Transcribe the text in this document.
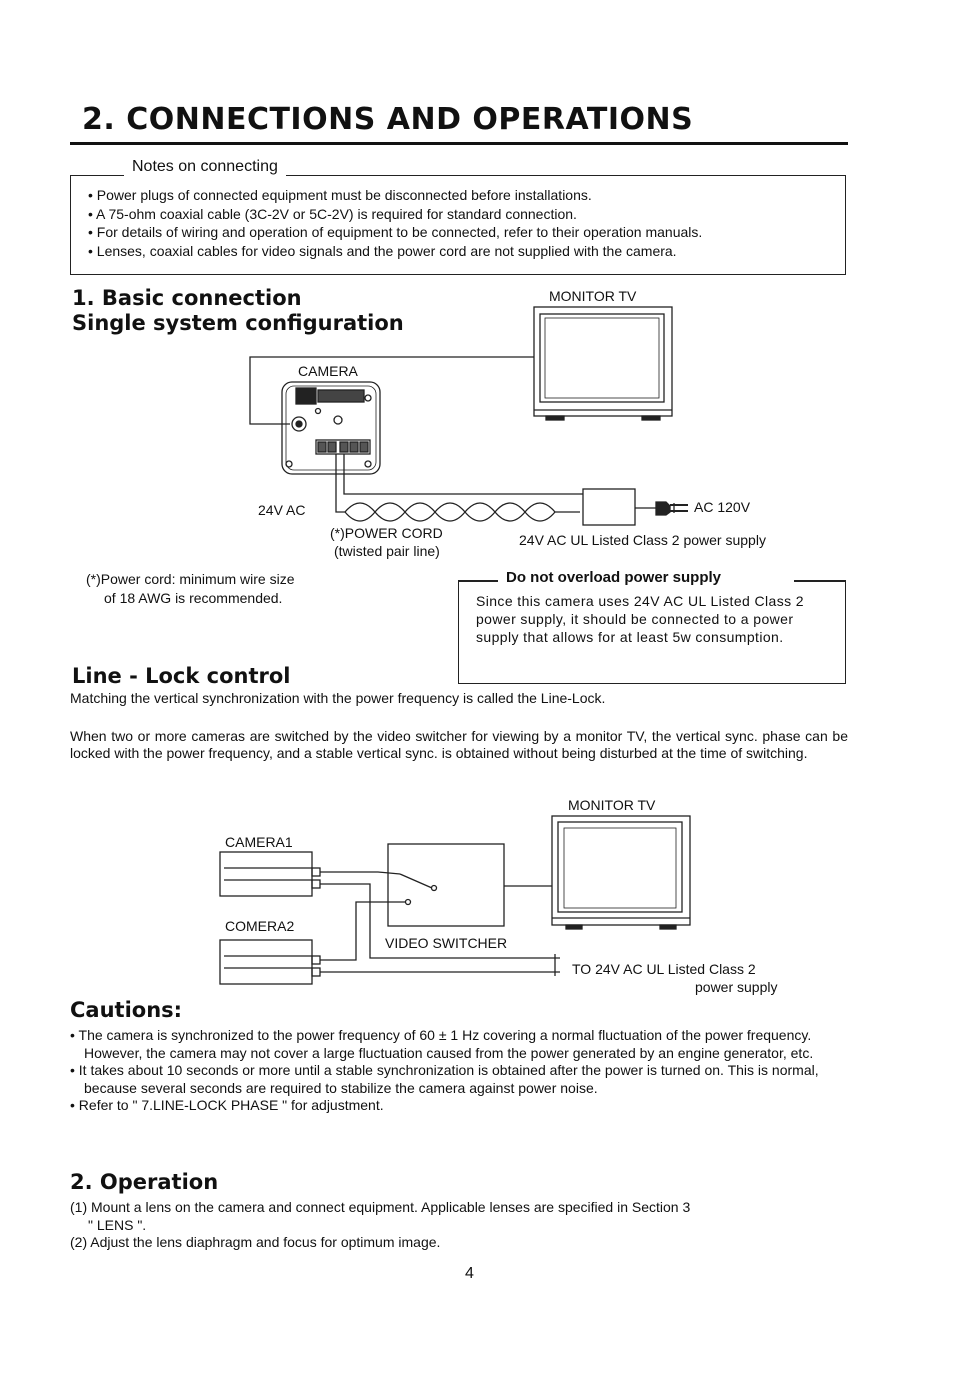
2. CONNECTIONS AND OPERATIONS
Notes on connecting
• Power plugs of connected equipment must be disconnected before installations.
• A 75-ohm coaxial cable (3C-2V or 5C-2V) is required for standard connection.
• For details of wiring and operation of equipment to be connected, refer to their operation manuals.
• Lenses, coaxial cables for video signals and the power cord are not supplied with the camera.
1. Basic connection
Single system configuration
MONITOR TV
CAMERA
24V AC
(*)POWER CORD
(twisted pair line)
AC 120V
24V AC UL Listed Class 2 power supply
(*)Power cord: minimum wire size
of 18 AWG is recommended.
Do not overload power supply
Since this camera uses 24V AC UL Listed Class 2 power supply, it should be connected to a power supply that allows for at least 5w consumption.
Line - Lock control
Matching the vertical synchronization with the power frequency is called the Line-Lock.
When two or more cameras are switched by the video switcher for viewing by a monitor TV, the vertical sync. phase can be locked with the power frequency, and a stable vertical sync. is obtained without being disturbed at the time of switching.
MONITOR TV
CAMERA1
COMERA2
VIDEO SWITCHER
TO 24V AC UL Listed Class 2
power supply
Cautions:
• The camera is synchronized to the power frequency of 60 ± 1 Hz covering a normal fluctuation of the power frequency. However, the camera may not cover a large fluctuation caused from the power generated by an engine generator, etc.
• It takes about 10 seconds or more until a stable synchronization is obtained after the power is turned on. This is normal, because several seconds are required to stabilize the camera against power noise.
• Refer to " 7.LINE-LOCK PHASE " for adjustment.
2. Operation
(1) Mount a lens on the camera and connect equipment. Applicable lenses are specified in Section 3
" LENS ".
(2) Adjust the lens diaphragm and focus for optimum image.
4
